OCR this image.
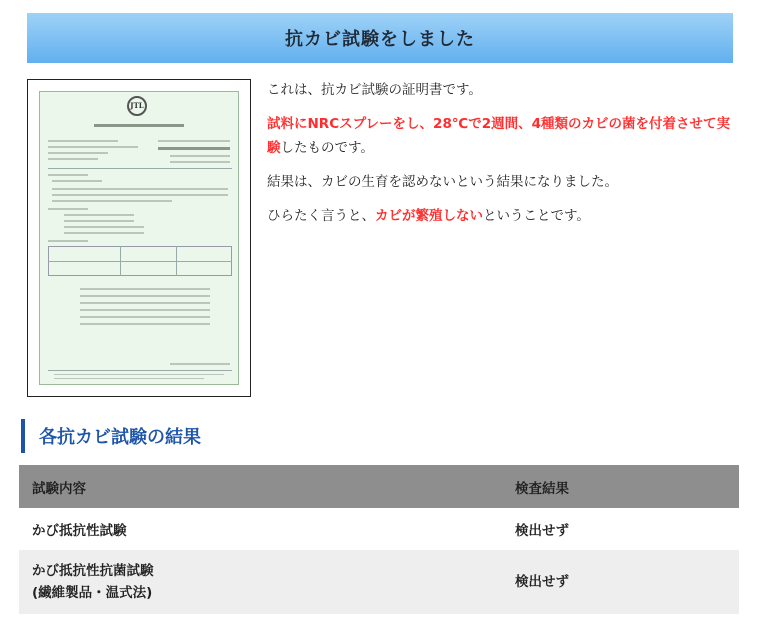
抗カビ試験をしました
JTL

これは、抗カビ試験の証明書です。

試料にNRCスプレーをし、28℃で2週間、4種類のカビの菌を付着させて実験したものです。

結果は、カビの生育を認めないという結果になりました。

ひらたく言うと、カビが繁殖しないということです。

各抗カビ試験の結果
試験内容	検査結果
かび抵抗性試験	検出せず
かび抵抗性抗菌試験
(繊維製品・温式法)	検出せず
